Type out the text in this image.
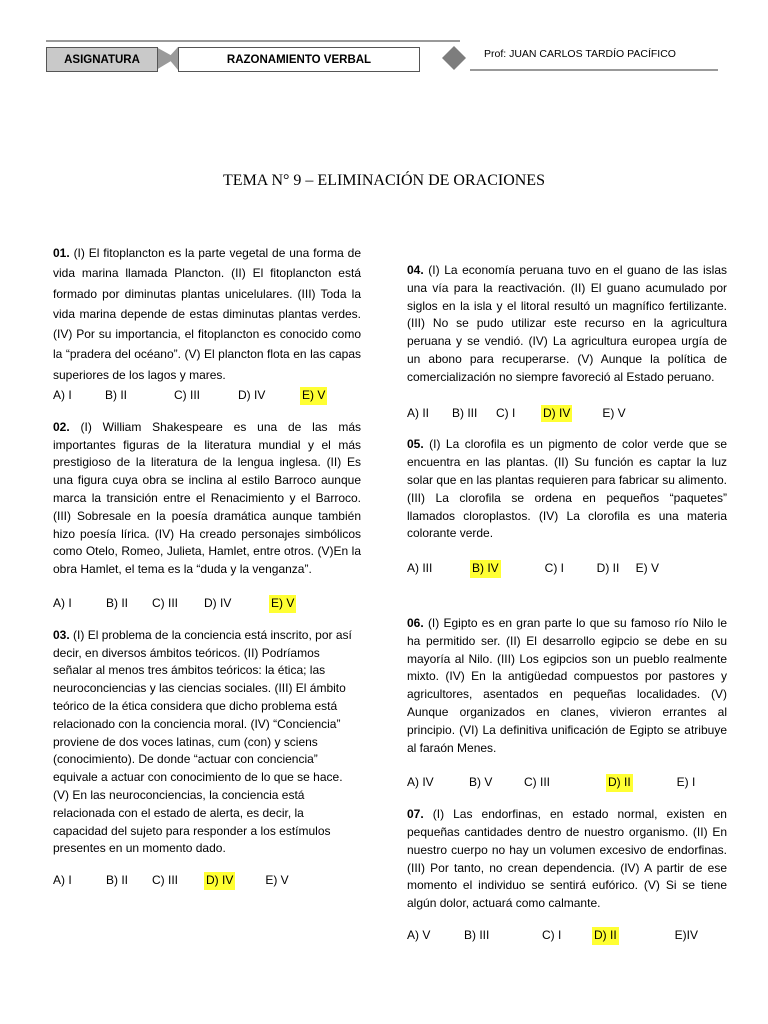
ASIGNATURA	RAZONAMIENTO VERBAL	Prof: JUAN CARLOS TARDÍO PACÍFICO
TEMA N° 9 – ELIMINACIÓN DE ORACIONES

01. (I) El fitoplancton es la parte vegetal de una forma de vida marina llamada Plancton. (II) El fitoplancton está formado por diminutas plantas unicelulares. (III) Toda la vida marina depende de estas diminutas plantas verdes. (IV) Por su importancia, el fitoplancton es conocido como la “pradera del océano”. (V) El plancton flota en las capas superiores de los lagos y mares.

A) I	B) II	C) III	D) IV	E) V

02. (I) William Shakespeare es una de las más importantes figuras de la literatura mundial y el más prestigioso de la literatura de la lengua inglesa. (II) Es una figura cuya obra se inclina al estilo Barroco aunque marca la transición entre el Renacimiento y el Barroco. (III) Sobresale en la poesía dramática aunque también hizo poesía lírica. (IV) Ha creado personajes simbólicos como Otelo, Romeo, Julieta, Hamlet, entre otros. (V)En la obra Hamlet, el tema es la “duda y la venganza”.

A) I	B) II	C) III	D) IV	E) V

03. (I) El problema de la conciencia está inscrito, por así decir, en diversos ámbitos teóricos. (II) Podríamos señalar al menos tres ámbitos teóricos: la ética; las neuroconciencias y las ciencias sociales. (III) El ámbito teórico de la ética considera que dicho problema está relacionado con la conciencia moral. (IV) “Conciencia” proviene de dos voces latinas, cum (con) y sciens (conocimiento). De donde “actuar con conciencia” equivale a actuar con conocimiento de lo que se hace. (V) En las neuroconciencias, la conciencia está relacionada con el estado de alerta, es decir, la capacidad del sujeto para responder a los estímulos presentes en un momento dado.

A) I	B) II	C) III	D) IV	E) V

04. (I) La economía peruana tuvo en el guano de las islas una vía para la reactivación. (II) El guano acumulado por siglos en la isla y el litoral resultó un magnífico fertilizante. (III) No se pudo utilizar este recurso en la agricultura peruana y se vendió. (IV) La agricultura europea urgía de un abono para recuperarse. (V) Aunque la política de comercialización no siempre favoreció al Estado peruano.

A) II	B) III	C) I	D) IV	E) V

05. (I) La clorofila es un pigmento de color verde que se encuentra en las plantas. (II) Su función es captar la luz solar que en las plantas requieren para fabricar su alimento. (III) La clorofila se ordena en pequeños “paquetes” llamados cloroplastos. (IV) La clorofila es una materia colorante verde.

A) III	B) IV	C) I	D) II	E) V

06. (I) Egipto es en gran parte lo que su famoso río Nilo le ha permitido ser. (II) El desarrollo egipcio se debe en su mayoría al Nilo. (III) Los egipcios son un pueblo realmente mixto. (IV) En la antigüedad compuestos por pastores y agricultores, asentados en pequeñas localidades. (V) Aunque organizados en clanes, vivieron errantes al principio. (VI) La definitiva unificación de Egipto se atribuye al faraón Menes.

A) IV	B) V	C) III	D) II	E) I

07. (I) Las endorfinas, en estado normal, existen en pequeñas cantidades dentro de nuestro organismo. (II) En nuestro cuerpo no hay un volumen excesivo de endorfinas. (III) Por tanto, no crean dependencia. (IV) A partir de ese momento el individuo se sentirá eufórico. (V) Si se tiene algún dolor, actuará como calmante.

A) V	B) III	C) I	D) II	E)IV
